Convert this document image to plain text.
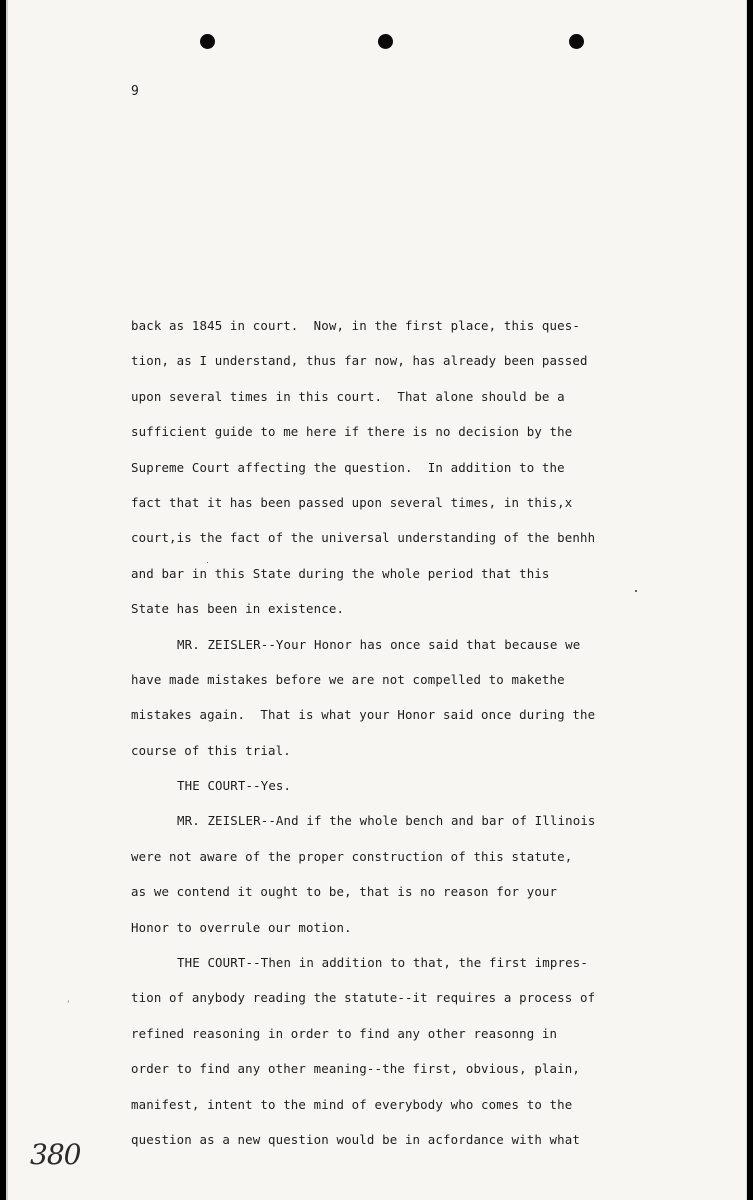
9
back as 1845 in court.  Now, in the first place, this ques-
tion, as I understand, thus far now, has already been passed
upon several times in this court.  That alone should be a
sufficient guide to me here if there is no decision by the
Supreme Court affecting the question.  In addition to the
fact that it has been passed upon several times, in this,x
court,is the fact of the universal understanding of the benhh
and bar in this State during the whole period that this
State has been in existence.
MR. ZEISLER--Your Honor has once said that because we
have made mistakes before we are not compelled to makethe
mistakes again.  That is what your Honor said once during the
course of this trial.
THE COURT--Yes.
MR. ZEISLER--And if the whole bench and bar of Illinois
were not aware of the proper construction of this statute,
as we contend it ought to be, that is no reason for your
Honor to overrule our motion.
THE COURT--Then in addition to that, the first impres-
tion of anybody reading the statute--it requires a process of
refined reasoning in order to find any other reasonng in
order to find any other meaning--the first, obvious, plain,
manifest, intent to the mind of everybody who comes to the
question as a new question would be in acfordance with what
380
